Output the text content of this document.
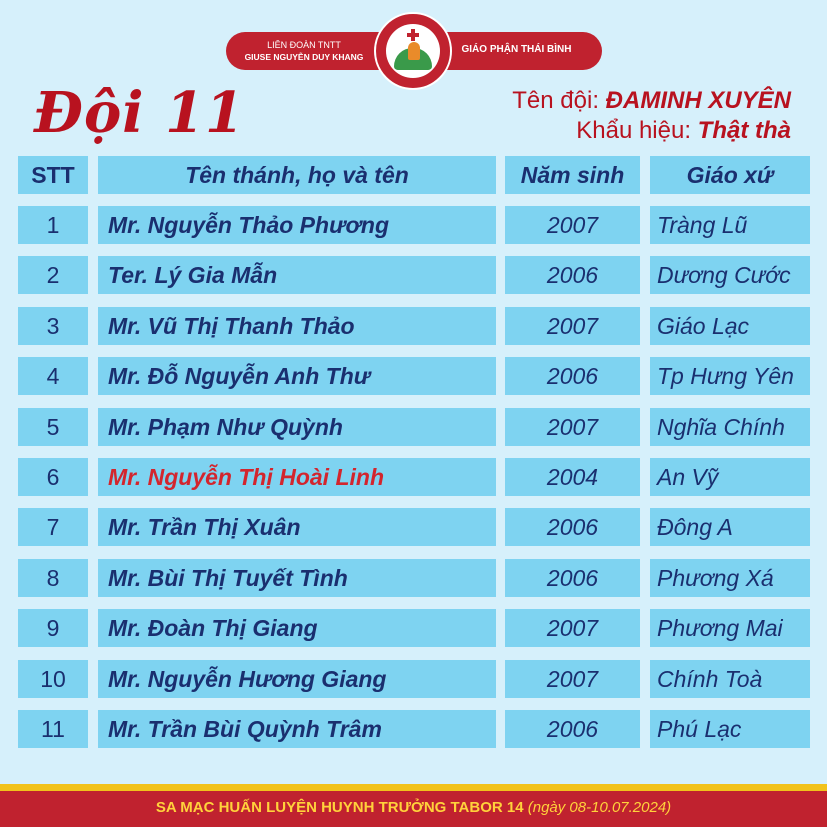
LIÊN ĐOÀN TNTT
GIUSE NGUYỄN DUY KHANG
GIÁO PHẬN THÁI BÌNH
Đội 11	Tên đội: ĐAMINH XUYÊN
Khẩu hiệu: Thật thà
STT	Tên thánh, họ và tên	Năm sinh	Giáo xứ
1	Mr. Nguyễn Thảo Phương	2007	Tràng Lũ
2	Ter. Lý Gia Mẫn	2006	Dương Cước
3	Mr. Vũ Thị Thanh Thảo	2007	Giáo Lạc
4	Mr. Đỗ Nguyễn Anh Thư	2006	Tp Hưng Yên
5	Mr. Phạm Như Quỳnh	2007	Nghĩa Chính
6	Mr. Nguyễn Thị Hoài Linh	2004	An Vỹ
7	Mr. Trần Thị Xuân	2006	Đông A
8	Mr. Bùi Thị Tuyết Tình	2006	Phương Xá
9	Mr. Đoàn Thị Giang	2007	Phương Mai
10	Mr. Nguyễn Hương Giang	2007	Chính Toà
11	Mr. Trần Bùi Quỳnh Trâm	2006	Phú Lạc
SA MẠC HUẤN LUYỆN HUYNH TRƯỞNG TABOR 14 (ngày 08-10.07.2024)
